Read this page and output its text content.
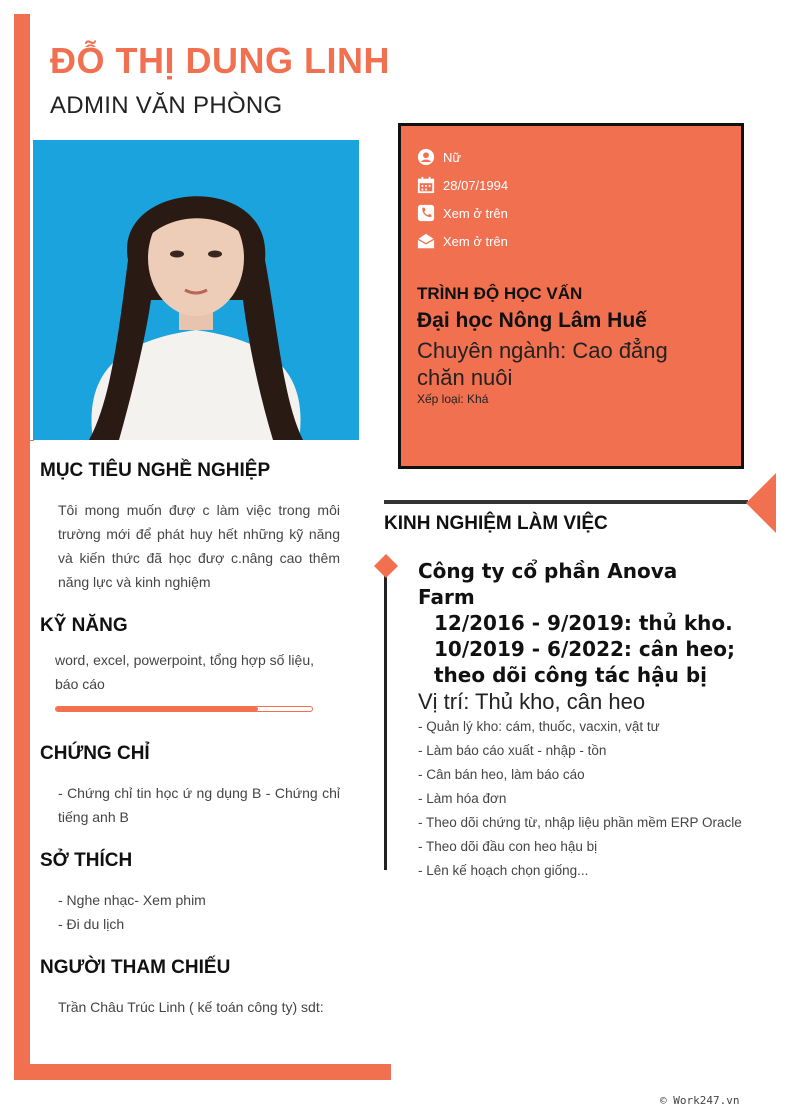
ĐỖ THỊ DUNG LINH
ADMIN VĂN PHÒNG
Nữ
28/07/1994
Xem ở trên
Xem ở trên
TRÌNH ĐỘ HỌC VẤN
Đại học Nông Lâm Huế
Chuyên ngành: Cao đẳng chăn nuôi
Xếp loại: Khá
MỤC TIÊU NGHỀ NGHIỆP
Tôi mong muốn đượ c làm việc trong môi trường mới để phát huy hết những kỹ năng và kiến thức đã học đượ c.nâng cao thêm năng lực và kinh nghiệm
KỸ NĂNG
word, excel, powerpoint, tổng hợp số liệu, báo cáo
CHỨNG CHỈ
- Chứng chỉ tin học ứ ng dụng B - Chứng chỉ tiếng anh B
SỞ THÍCH
- Nghe nhạc- Xem phim
- Đi du lịch
NGƯỜI THAM CHIẾU
Trần Châu Trúc Linh ( kế toán công ty) sdt:
KINH NGHIỆM LÀM VIỆC
Công ty cổ phần Anova Farm
12/2016 - 9/2019: thủ kho.
10/2019 - 6/2022: cân heo; theo dõi công tác hậu bị
Vị trí: Thủ kho, cân heo
- Quản lý kho: cám, thuốc, vacxin, vật tư
- Làm báo cáo xuất - nhập - tồn
- Cân bán heo, làm báo cáo
- Làm hóa đơn
- Theo dõi chứng từ, nhập liệu phần mềm ERP Oracle
- Theo dõi đầu con heo hậu bị
- Lên kế hoạch chọn giống...
© Work247.vn
